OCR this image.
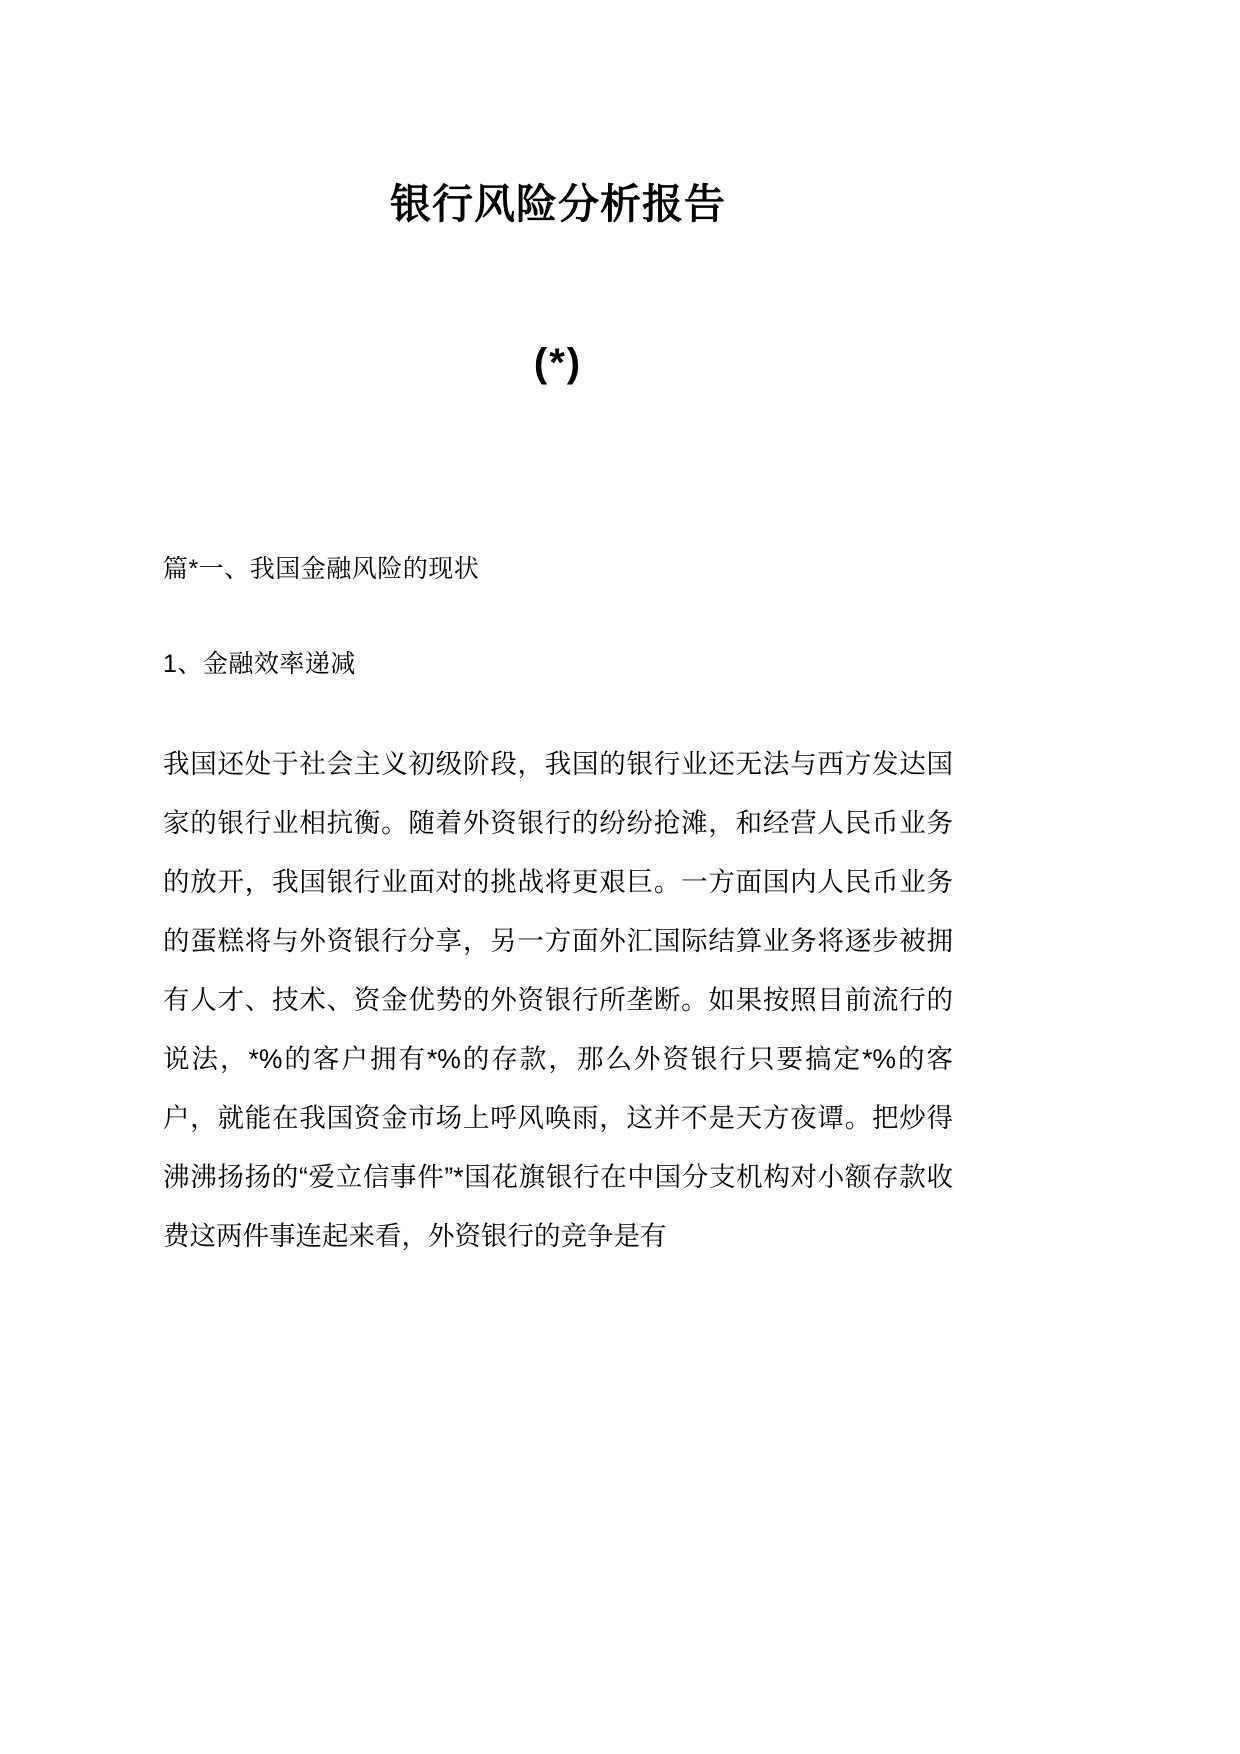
银行风险分析报告
(*)
篇*一、我国金融风险的现状
1、金融效率递减

我国还处于社会主义初级阶段，我国的银行业还无法与西方发达国家的银行业相抗衡。随着外资银行的纷纷抢滩，和经营人民币业务的放开，我国银行业面对的挑战将更艰巨。一方面国内人民币业务的蛋糕将与外资银行分享，另一方面外汇国际结算业务将逐步被拥有人才、技术、资金优势的外资银行所垄断。如果按照目前流行的说法，*%的客户拥有*%的存款，那么外资银行只要搞定*%的客户，就能在我国资金市场上呼风唤雨，这并不是天方夜谭。把炒得沸沸扬扬的“爱立信事件”*国花旗银行在中国分支机构对小额存款收费这两件事连起来看，外资银行的竞争是有
